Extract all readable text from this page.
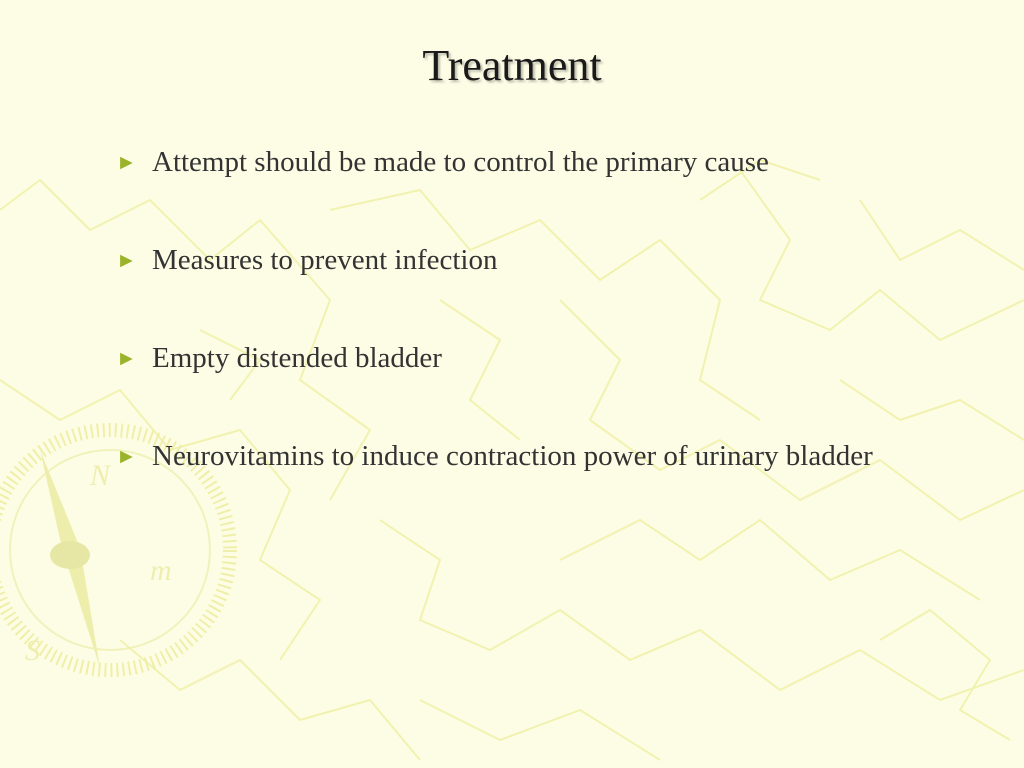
N
S
m
Treatment
► Attempt should be made to control the primary cause
► Measures to prevent infection
► Empty distended bladder
► Neurovitamins to induce contraction power of urinary bladder
